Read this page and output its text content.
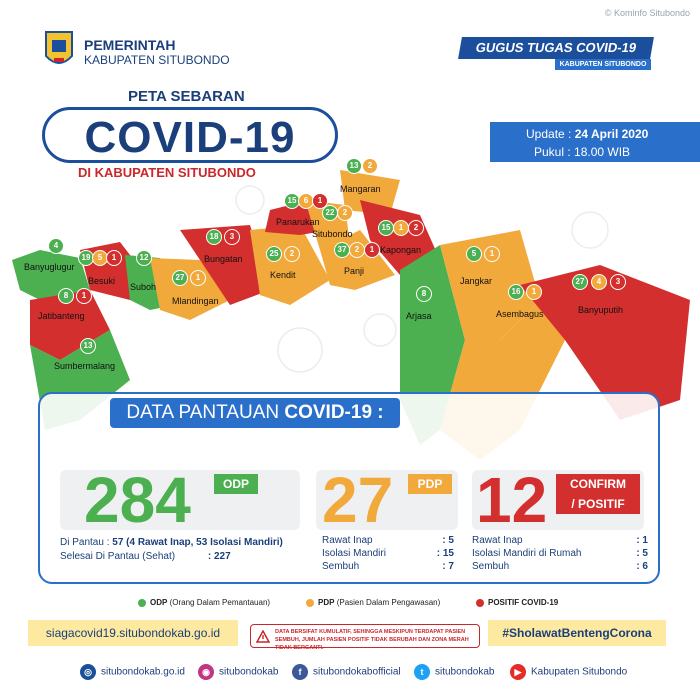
© Kominfo Situbondo
PEMERINTAH
KABUPATEN SITUBONDO
GUGUS TUGAS COVID-19
KABUPATEN SITUBONDO
PETA SEBARAN
COVID-19
DI KABUPATEN SITUBONDO
Update : 24 April 2020
Pukul : 18.00 WIB
Mangaran
13	2
Panarukan
15 6	1
Situbondo
22	2
Kapongan
15	1	2
Banyuglugur
4
Besuki
19 5	1
Suboh
12	Bungatan
18	3
Kendit
25	2
Panji
37	2	1
Mlandingan
27	1
Jatibanteng
8	1
Sumbermalang
13
Arjasa
8
Jangkar
5	1
Asembagus
16	1
Banyuputih
27	4	3
DATA PANTAUAN COVID-19 :
284	ODP
Di Pantau : 57 (4 Rawat Inap, 53 Isolasi Mandiri)
Selesai Di Pantau (Sehat)	: 227
27	PDP
Rawat Inap	: 5
Isolasi Mandiri	: 15
Sembuh	: 7
12	CONFIRM
/ POSITIF
Rawat Inap	: 1
Isolasi Mandiri di Rumah	: 5
Sembuh	: 6
ODP (Orang Dalam Pemantauan)	PDP (Pasien Dalam Pengawasan)	POSITIF COVID-19
siagacovid19.situbondokab.go.id	DATA BERSIFAT KUMULATIF, SEHINGGA MESKIPUN TERDAPAT PASIEN SEMBUH, JUMLAH PASIEN POSITIF TIDAK BERUBAH DAN ZONA MERAH TIDAK BERGANTI.
#SholawatBentengCorona
◎ situbondokab.go.id	◉ situbondokab	f situbondokabofficial	t situbondokab	▶ Kabupaten Situbondo
